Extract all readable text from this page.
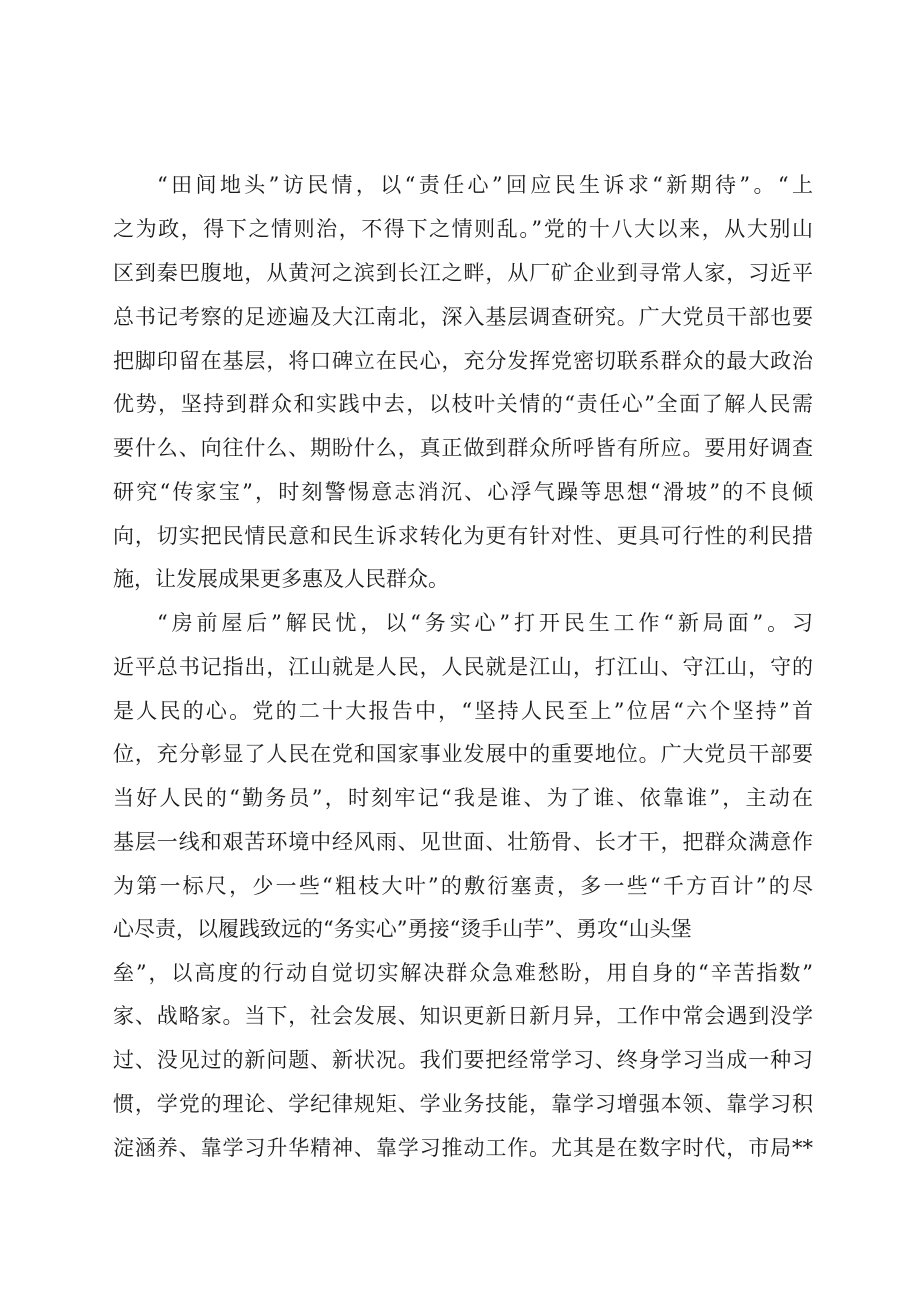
“田间地头”访民情，以“责任心”回应民生诉求“新期待”。“上
之为政，得下之情则治，不得下之情则乱。”党的十八大以来，从大别山
区到秦巴腹地，从黄河之滨到长江之畔，从厂矿企业到寻常人家，习近平
总书记考察的足迹遍及大江南北，深入基层调查研究。广大党员干部也要
把脚印留在基层，将口碑立在民心，充分发挥党密切联系群众的最大政治
优势，坚持到群众和实践中去，以枝叶关情的“责任心”全面了解人民需
要什么、向往什么、期盼什么，真正做到群众所呼皆有所应。要用好调查
研究“传家宝”，时刻警惕意志消沉、心浮气躁等思想“滑坡”的不良倾
向，切实把民情民意和民生诉求转化为更有针对性、更具可行性的利民措
施，让发展成果更多惠及人民群众。
“房前屋后”解民忧，以“务实心”打开民生工作“新局面”。习
近平总书记指出，江山就是人民，人民就是江山，打江山、守江山，守的
是人民的心。党的二十大报告中，“坚持人民至上”位居“六个坚持”首
位，充分彰显了人民在党和国家事业发展中的重要地位。广大党员干部要
当好人民的“勤务员”，时刻牢记“我是谁、为了谁、依靠谁”，主动在
基层一线和艰苦环境中经风雨、见世面、壮筋骨、长才干，把群众满意作
为第一标尺，少一些“粗枝大叶”的敷衍塞责，多一些“千方百计”的尽
心尽责，以履践致远的“务实心”勇接“烫手山芋”、勇攻“山头堡
垒”，以高度的行动自觉切实解决群众急难愁盼，用自身的“辛苦指数”
家、战略家。当下，社会发展、知识更新日新月异，工作中常会遇到没学
过、没见过的新问题、新状况。我们要把经常学习、终身学习当成一种习
惯，学党的理论、学纪律规矩、学业务技能，靠学习增强本领、靠学习积
淀涵养、靠学习升华精神、靠学习推动工作。尤其是在数字时代，市局**
